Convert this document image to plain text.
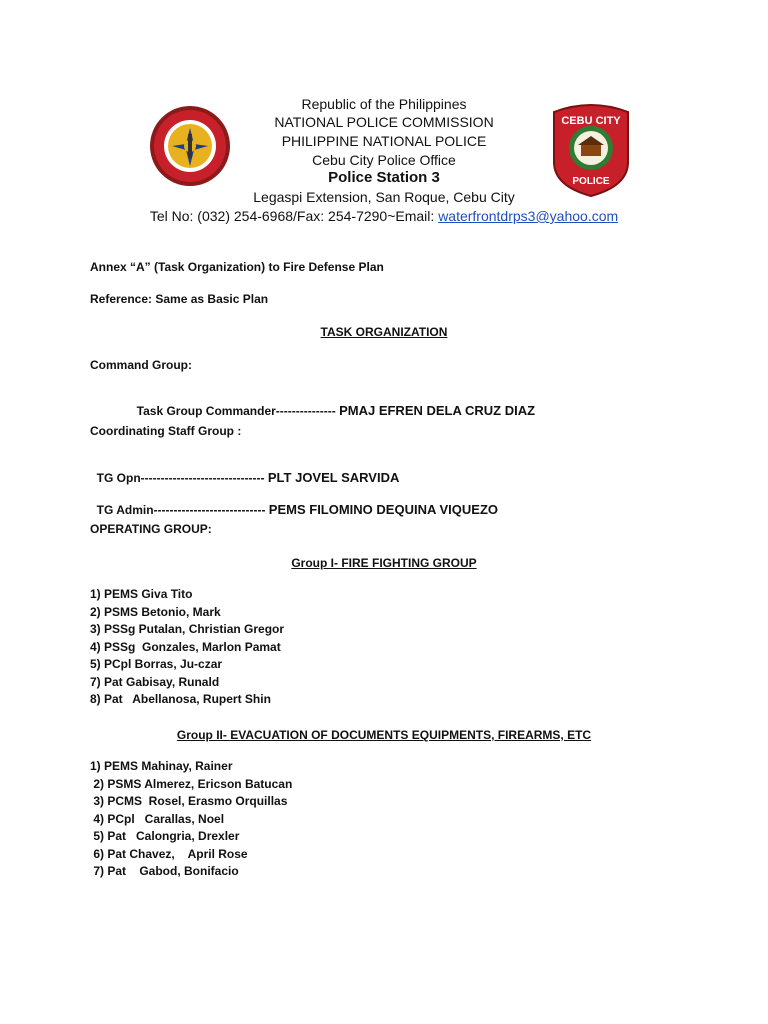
CEBU CITY
POLICE
Republic of the Philippines
NATIONAL POLICE COMMISSION
PHILIPPINE NATIONAL POLICE
Cebu City Police Office
Police Station 3
Legaspi Extension, San Roque, Cebu City
Tel No: (032) 254-6968/Fax: 254-7290~Email: waterfrontdrps3@yahoo.com
Annex “A” (Task Organization) to Fire Defense Plan
Reference: Same as Basic Plan
TASK ORGANIZATION
Command Group:

Task Group Commander--------------- PMAJ EFREN DELA CRUZ DIAZ

Coordinating Staff Group :

TG Opn------------------------------- PLT JOVEL SARVIDA

TG Admin---------------------------- PEMS FILOMINO DEQUINA VIQUEZO

OPERATING GROUP:
Group I- FIRE FIGHTING GROUP
1) PEMS Giva Tito
2) PSMS Betonio, Mark
3) PSSg Putalan, Christian Gregor
4) PSSg  Gonzales, Marlon Pamat
5) PCpl Borras, Ju-czar
7) Pat Gabisay, Runald
8) Pat   Abellanosa, Rupert Shin
Group II- EVACUATION OF DOCUMENTS EQUIPMENTS, FIREARMS, ETC
1) PEMS Mahinay, Rainer
2) PSMS Almerez, Ericson Batucan
3) PCMS  Rosel, Erasmo Orquillas
4) PCpl   Carallas, Noel
5) Pat   Calongria, Drexler
6) Pat Chavez,    April Rose
7) Pat    Gabod, Bonifacio
